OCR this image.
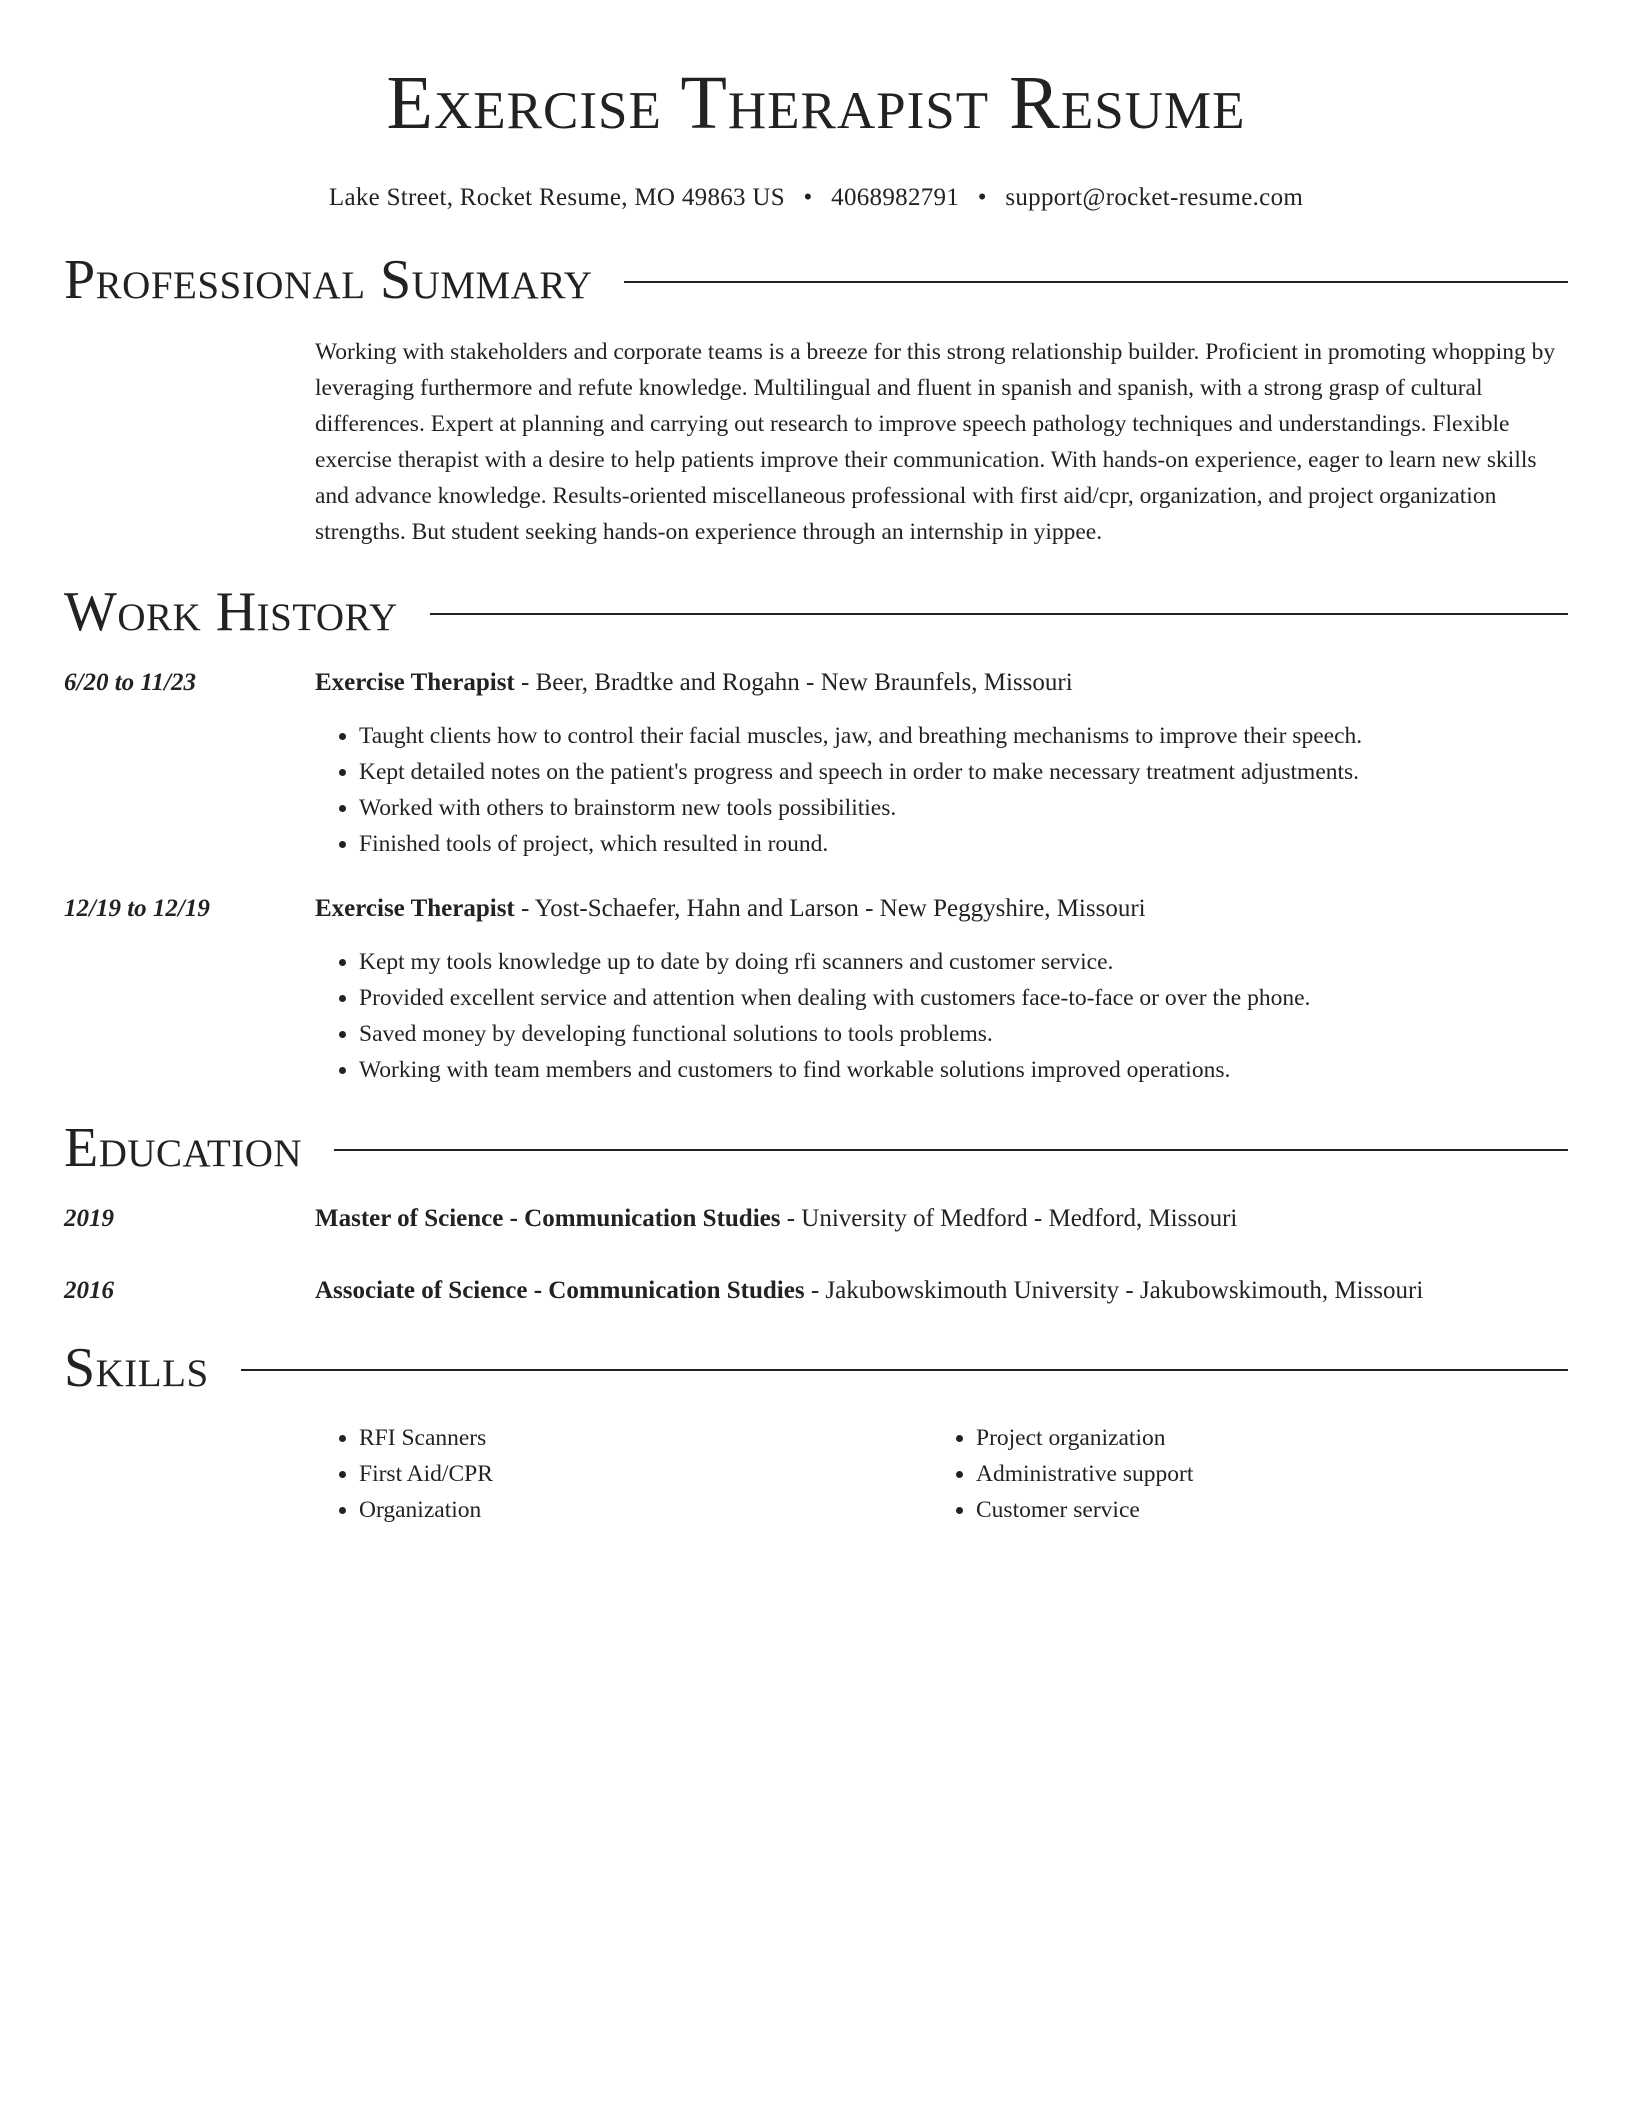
Exercise Therapist Resume
Lake Street, Rocket Resume, MO 49863 US • 4068982791 • support@rocket-resume.com
Professional Summary
Working with stakeholders and corporate teams is a breeze for this strong relationship builder. Proficient in promoting whopping by leveraging furthermore and refute knowledge. Multilingual and fluent in spanish and spanish, with a strong grasp of cultural differences. Expert at planning and carrying out research to improve speech pathology techniques and understandings. Flexible exercise therapist with a desire to help patients improve their communication. With hands-on experience, eager to learn new skills and advance knowledge. Results-oriented miscellaneous professional with first aid/cpr, organization, and project organization strengths. But student seeking hands-on experience through an internship in yippee.
Work History
6/20 to 11/23	Exercise Therapist - Beer, Bradtke and Rogahn - New Braunfels, Missouri
• Taught clients how to control their facial muscles, jaw, and breathing mechanisms to improve their speech.
• Kept detailed notes on the patient's progress and speech in order to make necessary treatment adjustments.
• Worked with others to brainstorm new tools possibilities.
• Finished tools of project, which resulted in round.
12/19 to 12/19	Exercise Therapist - Yost-Schaefer, Hahn and Larson - New Peggyshire, Missouri
• Kept my tools knowledge up to date by doing rfi scanners and customer service.
• Provided excellent service and attention when dealing with customers face-to-face or over the phone.
• Saved money by developing functional solutions to tools problems.
• Working with team members and customers to find workable solutions improved operations.
Education
2019	Master of Science - Communication Studies - University of Medford - Medford, Missouri
2016	Associate of Science - Communication Studies - Jakubowskimouth University - Jakubowskimouth, Missouri
Skills
• RFI Scanners
• First Aid/CPR
• Organization
• Project organization
• Administrative support
• Customer service
